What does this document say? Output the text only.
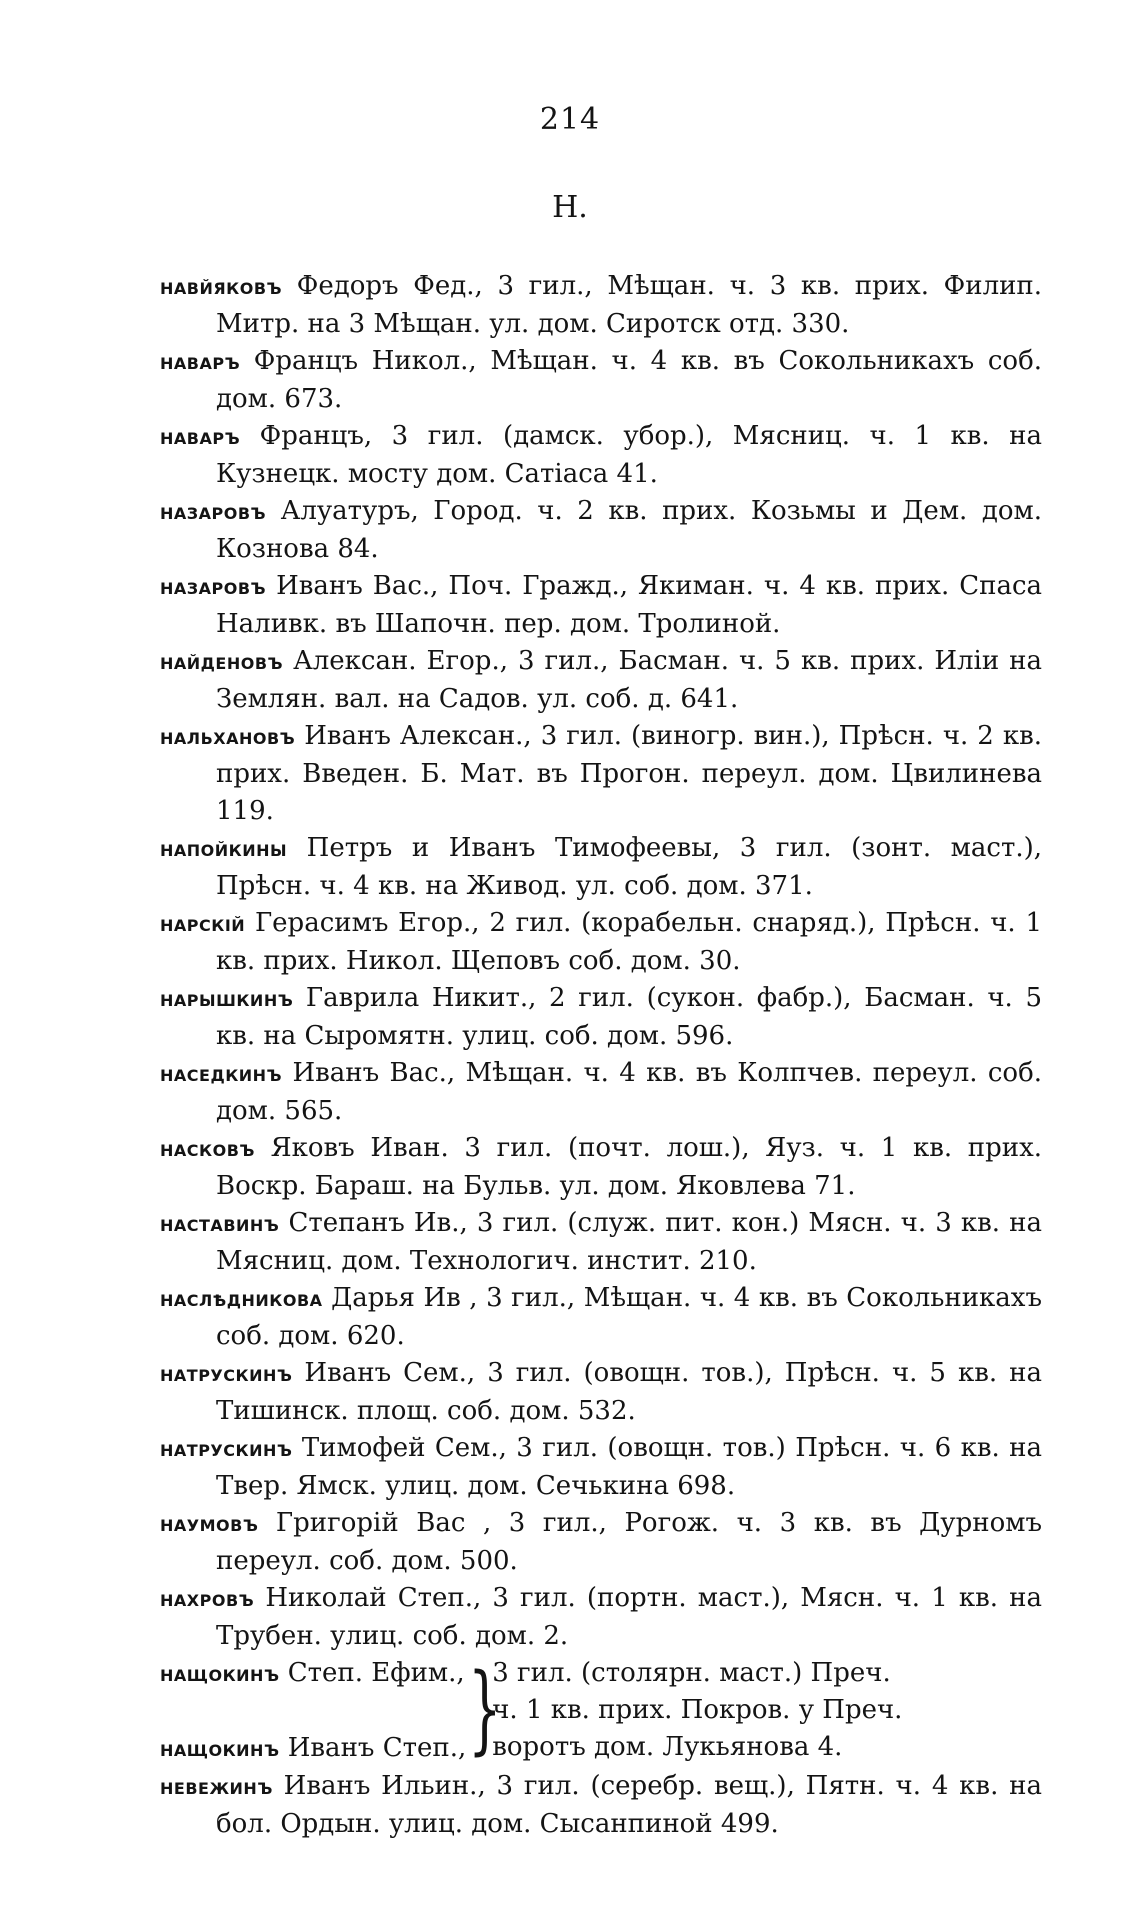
214
Н.

навйяковъ Федоръ Фед., 3 гил., Мѣщан. ч. 3 кв. прих. Филип. Митр. на 3 Мѣщан. ул. дом. Сиротск отд. 330.

наваръ Францъ Никол., Мѣщан. ч. 4 кв. въ Сокольникахъ соб. дом. 673.

наваръ Францъ, 3 гил. (дамск. убор.), Мясниц. ч. 1 кв. на Кузнецк. мосту дом. Сатіаса 41.

назаровъ Алуатуръ, Город. ч. 2 кв. прих. Козьмы и Дем. дом. Кознова 84.

назаровъ Иванъ Вас., Поч. Гражд., Якиман. ч. 4 кв. прих. Спаса Наливк. въ Шапочн. пер. дом. Тролиной.

найденовъ Алексан. Егор., 3 гил., Басман. ч. 5 кв. прих. Иліи на Землян. вал. на Садов. ул. соб. д. 641.

нальхановъ Иванъ Алексан., 3 гил. (виногр. вин.), Прѣсн. ч. 2 кв. прих. Введен. Б. Мат. въ Прогон. переул. дом. Цвилинева 119.

напойкины Петръ и Иванъ Тимофеевы, 3 гил. (зонт. маст.), Прѣсн. ч. 4 кв. на Живод. ул. соб. дом. 371.

нарскій Герасимъ Егор., 2 гил. (корабельн. снаряд.), Прѣсн. ч. 1 кв. прих. Никол. Щеповъ соб. дом. 30.

нарышкинъ Гаврила Никит., 2 гил. (сукон. фабр.), Басман. ч. 5 кв. на Сыромятн. улиц. соб. дом. 596.

наседкинъ Иванъ Вас., Мѣщан. ч. 4 кв. въ Колпчев. переул. соб. дом. 565.

насковъ Яковъ Иван. 3 гил. (почт. лош.), Яуз. ч. 1 кв. прих. Воскр. Бараш. на Бульв. ул. дом. Яковлева 71.

наставинъ Степанъ Ив., 3 гил. (служ. пит. кон.) Мясн. ч. 3 кв. на Мясниц. дом. Технологич. инстит. 210.

наслѣдникова Дарья Ив , 3 гил., Мѣщан. ч. 4 кв. въ Сокольникахъ соб. дом. 620.

натрускинъ Иванъ Сем., 3 гил. (овощн. тов.), Прѣсн. ч. 5 кв. на Тишинск. площ. соб. дом. 532.

натрускинъ Тимофей Сем., 3 гил. (овощн. тов.) Прѣсн. ч. 6 кв. на Твер. Ямск. улиц. дом. Сечькина 698.

наумовъ Григорій Вас , 3 гил., Рогож. ч. 3 кв. въ Дурномъ переул. соб. дом. 500.

нахровъ Николай Степ., 3 гил. (портн. маст.), Мясн. ч. 1 кв. на Трубен. улиц. соб. дом. 2.

нащокинъ Степ. Ефим.,
нащокинъ Иванъ Степ., }
3 гил. (столярн. маст.) Преч.
ч. 1 кв. прих. Покров. у Преч.
воротъ дом. Лукьянова 4.

невежинъ Иванъ Ильин., 3 гил. (серебр. вещ.), Пятн. ч. 4 кв. на бол. Ордын. улиц. дом. Сысанпиной 499.
